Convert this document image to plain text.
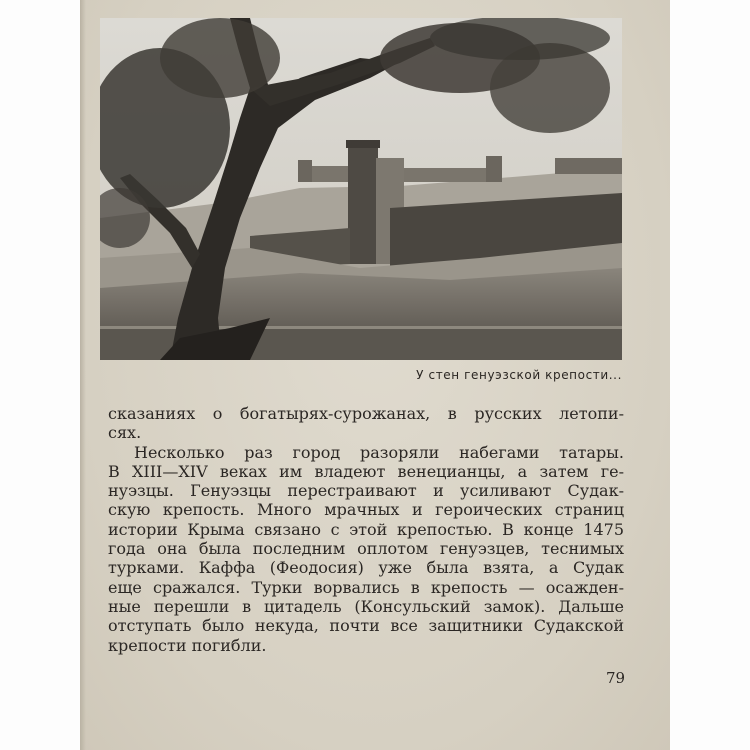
У стен генуэзской крепости...
сказаниях о богатырях-сурожанах, в русских летопи-
сях.
Несколько раз город разоряли набегами татары.
В XIII—XIV веках им владеют венецианцы, а затем ге-
нуэзцы. Генуэзцы перестраивают и усиливают Судак-
скую крепость. Много мрачных и героических страниц
истории Крыма связано с этой крепостью. В конце 1475
года она была последним оплотом генуэзцев, теснимых
турками. Каффа (Феодосия) уже была взята, а Судак
еще сражался. Турки ворвались в крепость — осажден-
ные перешли в цитадель (Консульский замок). Дальше
отступать было некуда, почти все защитники Судакской
крепости погибли.
79
